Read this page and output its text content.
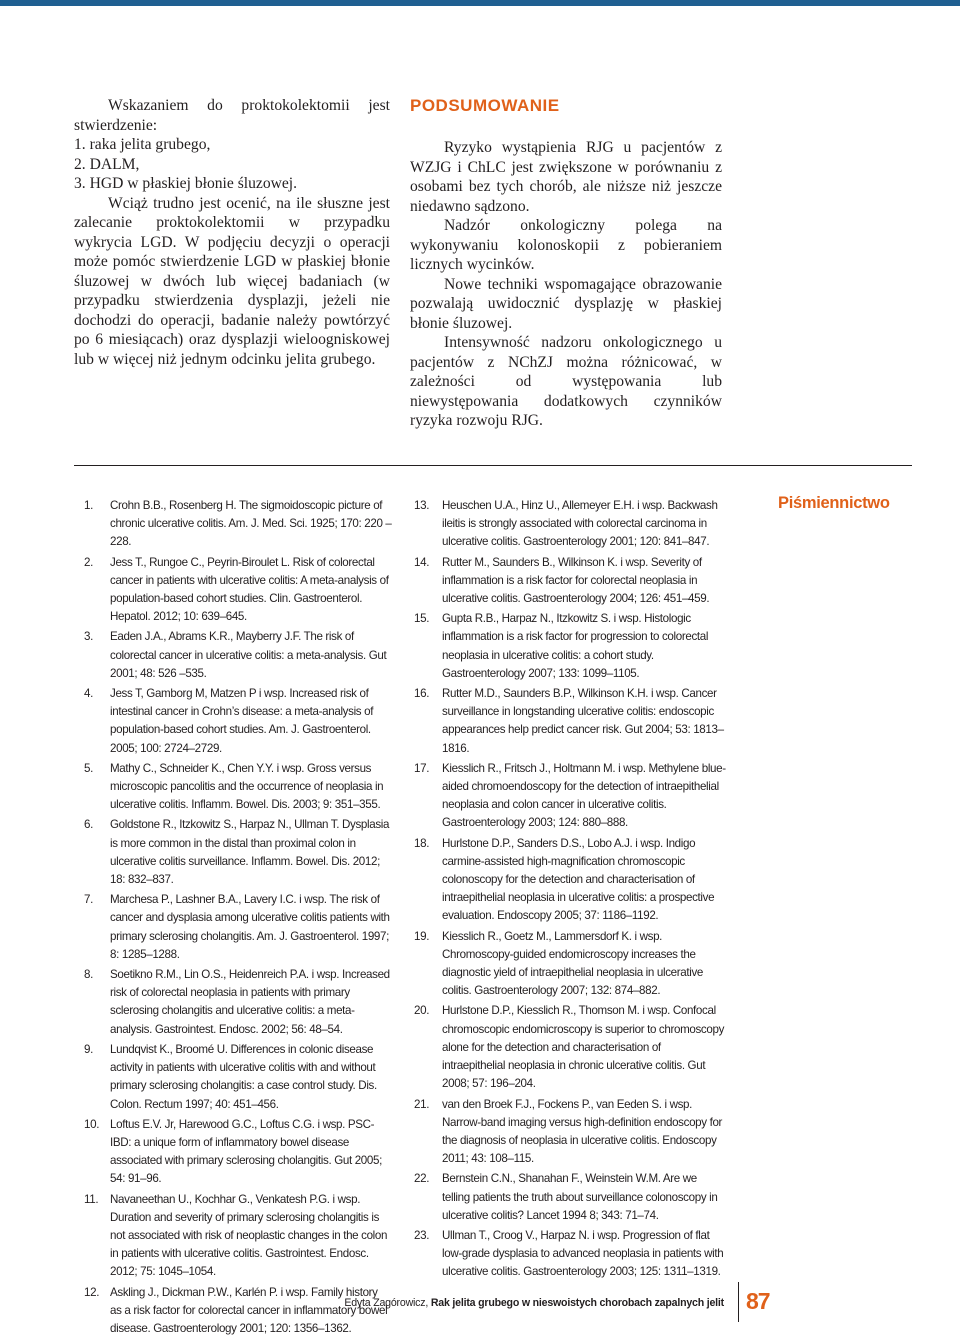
Wskazaniem do proktokolektomii jest stwierdzenie:

1. raka jelita grubego,

2. DALM,

3. HGD w płaskiej błonie śluzowej.

Wciąż trudno jest ocenić, na ile słuszne jest zalecanie proktokolektomii w przypadku wykrycia LGD. W podjęciu decyzji o operacji może pomóc stwierdzenie LGD w płaskiej błonie śluzowej w dwóch lub więcej badaniach (w przypadku stwierdzenia dysplazji, jeżeli nie dochodzi do operacji, badanie należy powtórzyć po 6 miesiącach) oraz dysplazji wieloogniskowej lub w więcej niż jednym odcinku jelita grubego.

PODSUMOWANIE

Ryzyko wystąpienia RJG u pacjentów z WZJG i ChLC jest zwiększone w porównaniu z osobami bez tych chorób, ale niższe niż jeszcze niedawno sądzono.

Nadzór onkologiczny polega na wykonywaniu kolonoskopii z pobieraniem licznych wycinków.

Nowe techniki wspomagające obrazowanie pozwalają uwidocznić dysplazję w płaskiej błonie śluzowej.

Intensywność nadzoru onkologicznego u pacjentów z NChZJ można różnicować, w zależności od występowania lub niewystępowania dodatkowych czynników ryzyka rozwoju RJG.

1. Crohn B.B., Rosenberg H. The sigmoidoscopic picture of chronic ulcerative colitis. Am. J. Med. Sci. 1925; 170: 220 –228.
2. Jess T., Rungoe C., Peyrin-Biroulet L. Risk of colorectal cancer in patients with ulcerative colitis: A meta-analysis of population-based cohort studies. Clin. Gastroenterol. Hepatol. 2012; 10: 639–645.
3. Eaden J.A., Abrams K.R., Mayberry J.F. The risk of colorectal cancer in ulcerative colitis: a meta-analysis. Gut 2001; 48: 526 –535.
4. Jess T, Gamborg M, Matzen P i wsp. Increased risk of intestinal cancer in Crohn’s disease: a meta-analysis of population-based cohort studies. Am. J. Gastroenterol. 2005; 100: 2724–2729.
5. Mathy C., Schneider K., Chen Y.Y. i wsp. Gross versus microscopic pancolitis and the occurrence of neoplasia in ulcerative colitis. Inflamm. Bowel. Dis. 2003; 9: 351–355.
6. Goldstone R., Itzkowitz S., Harpaz N., Ullman T. Dysplasia is more common in the distal than proximal colon in ulcerative colitis surveillance. Inflamm. Bowel. Dis. 2012; 18: 832–837.
7. Marchesa P., Lashner B.A., Lavery I.C. i wsp. The risk of cancer and dysplasia among ulcerative colitis patients with primary sclerosing cholangitis. Am. J. Gastroenterol. 1997; 8: 1285–1288.
8. Soetikno R.M., Lin O.S., Heidenreich P.A. i wsp. Increased risk of colorectal neoplasia in patients with primary sclerosing cholangitis and ulcerative colitis: a meta-analysis. Gastrointest. Endosc. 2002; 56: 48–54.
9. Lundqvist K., Broomé U. Differences in colonic disease activity in patients with ulcerative colitis with and without primary sclerosing cholangitis: a case control study. Dis. Colon. Rectum 1997; 40: 451–456.
10. Loftus E.V. Jr, Harewood G.C., Loftus C.G. i wsp. PSC-IBD: a unique form of inflammatory bowel disease associated with primary sclerosing cholangitis. Gut 2005; 54: 91–96.
11. Navaneethan U., Kochhar G., Venkatesh P.G. i wsp. Duration and severity of primary sclerosing cholangitis is not associated with risk of neoplastic changes in the colon in patients with ulcerative colitis. Gastrointest. Endosc. 2012; 75: 1045–1054.
12. Askling J., Dickman P.W., Karlén P. i wsp. Family history as a risk factor for colorectal cancer in inflammatory bowel disease. Gastroenterology 2001; 120: 1356–1362.
13. Heuschen U.A., Hinz U., Allemeyer E.H. i wsp. Backwash ileitis is strongly associated with colorectal carcinoma in ulcerative colitis. Gastroenterology 2001; 120: 841–847.
14. Rutter M., Saunders B., Wilkinson K. i wsp. Severity of inflammation is a risk factor for colorectal neoplasia in ulcerative colitis. Gastroenterology 2004; 126: 451–459.
15. Gupta R.B., Harpaz N., Itzkowitz S. i wsp. Histologic inflammation is a risk factor for progression to colorectal neoplasia in ulcerative colitis: a cohort study. Gastroenterology 2007; 133: 1099–1105.
16. Rutter M.D., Saunders B.P., Wilkinson K.H. i wsp. Cancer surveillance in longstanding ulcerative colitis: endoscopic appearances help predict cancer risk. Gut 2004; 53: 1813–1816.
17. Kiesslich R., Fritsch J., Holtmann M. i wsp. Methylene blue-aided chromoendoscopy for the detection of intraepithelial neoplasia and colon cancer in ulcerative colitis. Gastroenterology 2003; 124: 880–888.
18. Hurlstone D.P., Sanders D.S., Lobo A.J. i wsp. Indigo carmine-assisted high-magnification chromoscopic colonoscopy for the detection and characterisation of intraepithelial neoplasia in ulcerative colitis: a prospective evaluation. Endoscopy 2005; 37: 1186–1192.
19. Kiesslich R., Goetz M., Lammersdorf K. i wsp. Chromoscopy-guided endomicroscopy increases the diagnostic yield of intraepithelial neoplasia in ulcerative colitis. Gastroenterology 2007; 132: 874–882.
20. Hurlstone D.P., Kiesslich R., Thomson M. i wsp. Confocal chromoscopic endomicroscopy is superior to chromoscopy alone for the detection and characterisation of intraepithelial neoplasia in chronic ulcerative colitis. Gut 2008; 57: 196–204.
21. van den Broek F.J., Fockens P., van Eeden S. i wsp. Narrow-band imaging versus high-definition endoscopy for the diagnosis of neoplasia in ulcerative colitis. Endoscopy 2011; 43: 108–115.
22. Bernstein C.N., Shanahan F., Weinstein W.M. Are we telling patients the truth about surveillance colonoscopy in ulcerative colitis? Lancet 1994 8; 343: 71–74.
23. Ullman T., Croog V., Harpaz N. i wsp. Progression of flat low-grade dysplasia to advanced neoplasia in patients with ulcerative colitis. Gastroenterology 2003; 125: 1311–1319.
Piśmiennictwo
Edyta Zagórowicz, Rak jelita grubego w nieswoistych chorobach zapalnych jelit 87
